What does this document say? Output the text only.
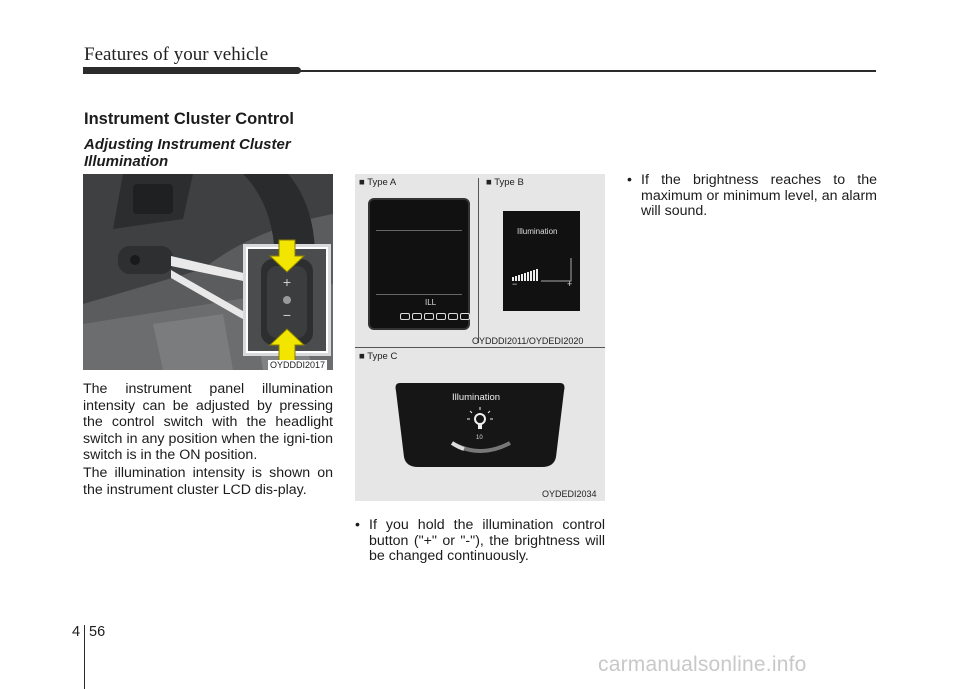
Features of your vehicle
Instrument Cluster Control
Adjusting Instrument Cluster Illumination
+
−
OYDDDI2017
■ Type A	■ Type B
ILL
Illumination
−	+
OYDDDI2011/OYDEDI2020
■ Type C
Illumination
10
OYDEDI2034
The instrument panel illumination intensity can be adjusted by pressing the control switch with the headlight switch in any position when the igni-tion switch is in the ON position.
The illumination intensity is shown on the instrument cluster LCD dis-play.
• If you hold the illumination control button ("+" or "-"), the brightness will be changed continuously.
• If the brightness reaches to the maximum or minimum level, an alarm will sound.
4 56
carmanualsonline.info
